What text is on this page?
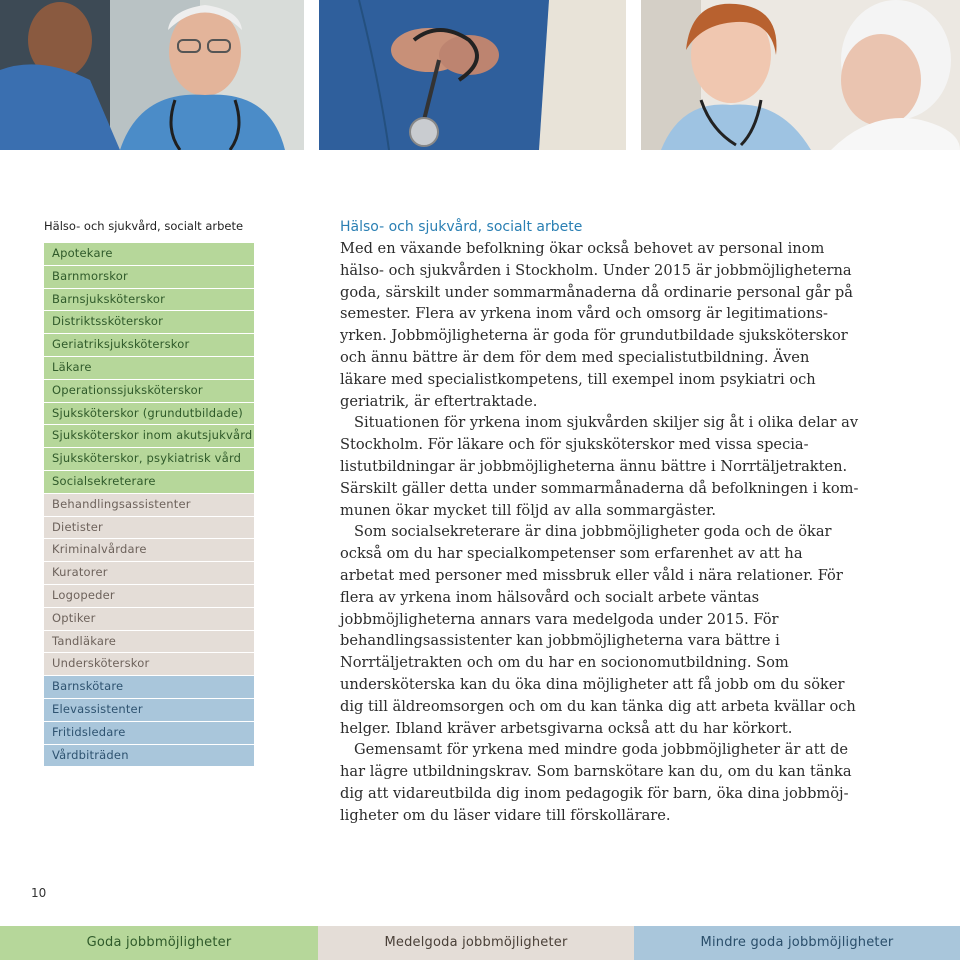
Hälso- och sjukvård, socialt arbete
Apotekare
Barnmorskor
Barnsjuksköterskor
Distriktssköterskor
Geriatriksjuksköterskor
Läkare
Operationssjuksköterskor
Sjuksköterskor (grundutbildade)
Sjuksköterskor inom akutsjukvård
Sjuksköterskor, psykiatrisk vård
Socialsekreterare
Behandlingsassistenter
Dietister
Kriminalvårdare
Kuratorer
Logopeder
Optiker
Tandläkare
Undersköterskor
Barnskötare
Elevassistenter
Fritidsledare
Vårdbiträden
Hälso- och sjukvård, socialt arbete

Med en växande befolkning ökar också behovet av personal inom hälso- och sjukvården i Stockholm. Under 2015 är jobbmöjligheterna goda, särskilt under sommarmånaderna då ordinarie personal går på semester. Flera av yrkena inom vård och omsorg är legitimationsyrken. Jobbmöjligheterna är goda för grundutbildade sjuksköterskor och ännu bättre är dem för dem med specialistutbildning. Även läkare med specialistkompetens, till exempel inom psykiatri och geriatrik, är eftertraktade.

Situationen för yrkena inom sjukvården skiljer sig åt i olika delar av Stockholm. För läkare och för sjuksköterskor med vissa specialistutbildningar är jobbmöjligheterna ännu bättre i Norrtäljetrakten. Särskilt gäller detta under sommarmånaderna då befolkningen i kommunen ökar mycket till följd av alla sommargäster.

Som socialsekreterare är dina jobbmöjligheter goda och de ökar också om du har specialkompetenser som erfarenhet av att ha arbetat med personer med missbruk eller våld i nära relationer. För flera av yrkena inom hälsovård och socialt arbete väntas jobbmöjligheterna annars vara medelgoda under 2015. För behandlingsassistenter kan jobbmöjligheterna vara bättre i Norrtäljetrakten och om du har en socionomutbildning. Som undersköterska kan du öka dina möjligheter att få jobb om du söker dig till äldreomsorgen och om du kan tänka dig att arbeta kvällar och helger. Ibland kräver arbetsgivarna också att du har körkort.

Gemensamt för yrkena med mindre goda jobbmöjligheter är att de har lägre utbildningskrav. Som barnskötare kan du, om du kan tänka dig att vidareutbilda dig inom pedagogik för barn, öka dina jobbmöjligheter om du läser vidare till förskollärare.

10
Goda jobbmöjligheter	Medelgoda jobbmöjligheter	Mindre goda jobbmöjligheter
